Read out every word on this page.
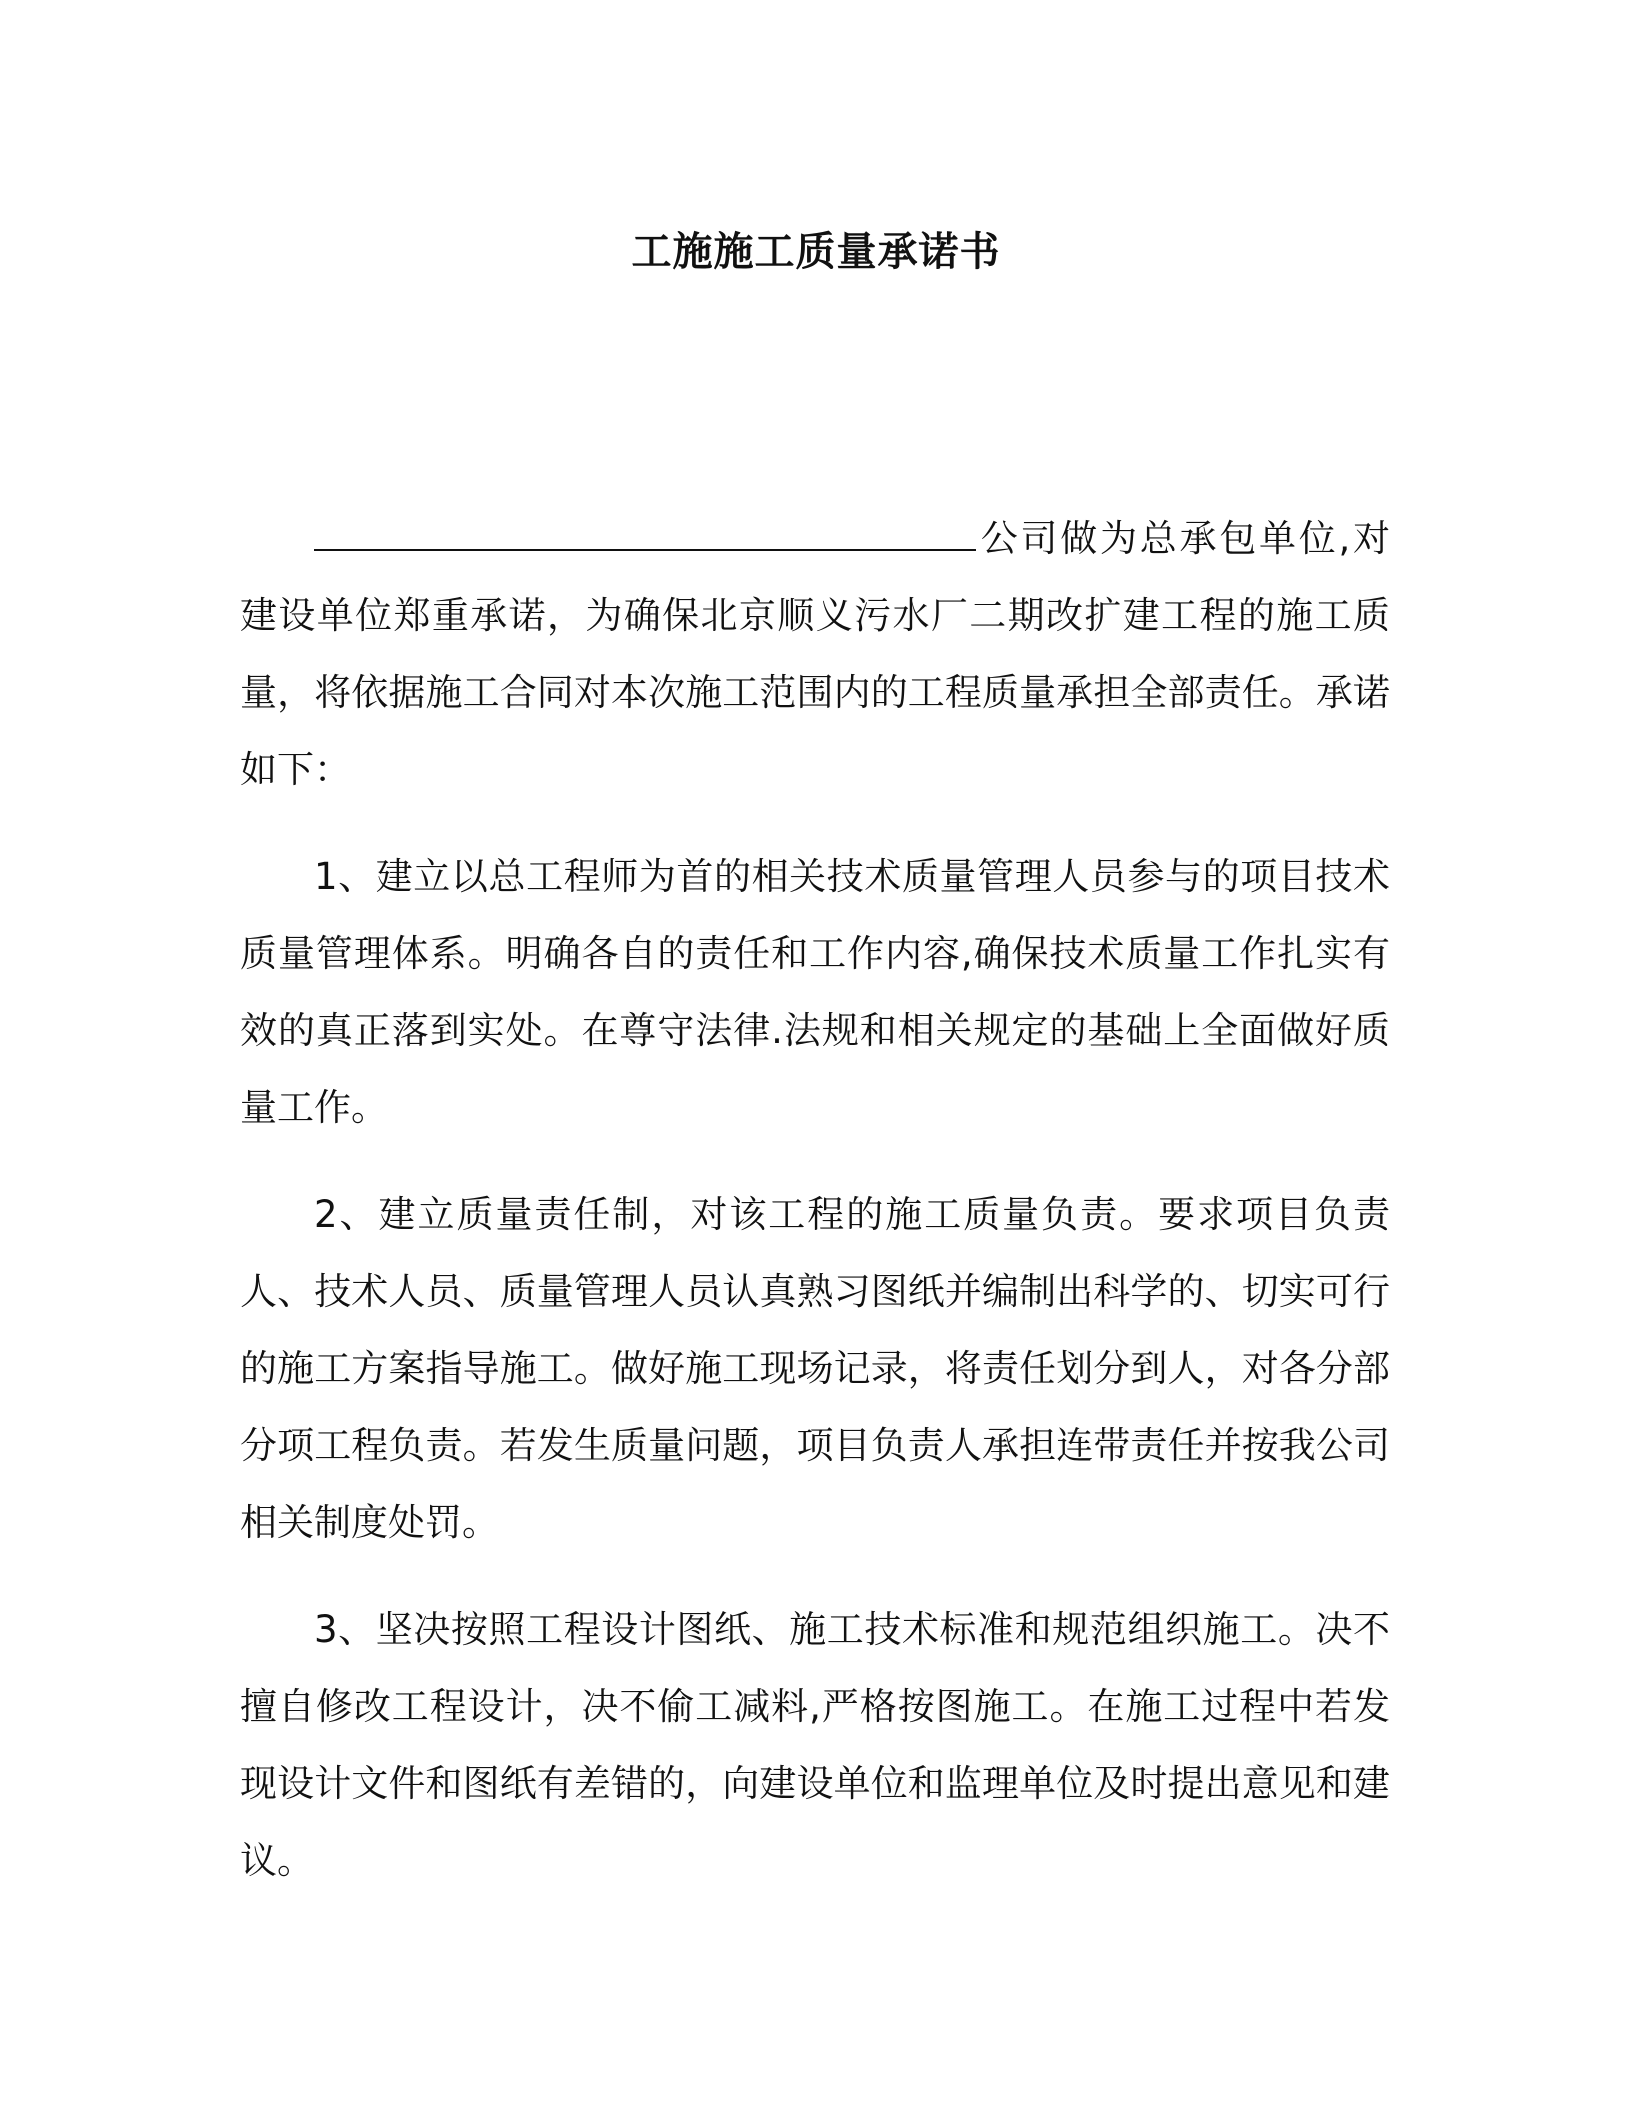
工施施工质量承诺书

公司做为总承包单位,对建设单位郑重承诺，为确保北京顺义污水厂二期改扩建工程的施工质量，将依据施工合同对本次施工范围内的工程质量承担全部责任。承诺如下：

1、建立以总工程师为首的相关技术质量管理人员参与的项目技术质量管理体系。明确各自的责任和工作内容,确保技术质量工作扎实有效的真正落到实处。在尊守法律.法规和相关规定的基础上全面做好质量工作。

2、建立质量责任制，对该工程的施工质量负责。要求项目负责人、技术人员、质量管理人员认真熟习图纸并编制出科学的、切实可行的施工方案指导施工。做好施工现场记录，将责任划分到人，对各分部分项工程负责。若发生质量问题，项目负责人承担连带责任并按我公司相关制度处罚。

3、坚决按照工程设计图纸、施工技术标准和规范组织施工。决不擅自修改工程设计，决不偷工减料,严格按图施工。在施工过程中若发现设计文件和图纸有差错的，向建设单位和监理单位及时提出意见和建议。
